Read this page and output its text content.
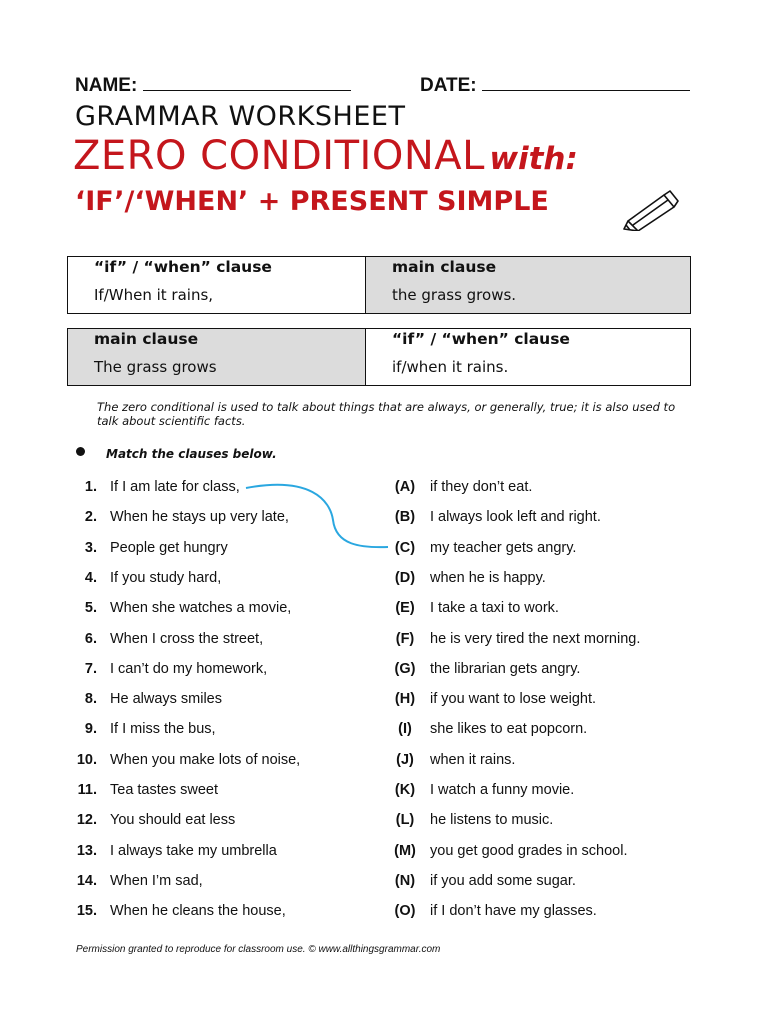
NAME:	DATE:
GRAMMAR WORKSHEET
ZERO CONDITIONAL with:
‘IF’/‘WHEN’ + PRESENT SIMPLE
“if” / “when” clause	main clause
If/When it rains,	the grass grows.
main clause	“if” / “when” clause
The grass grows	if/when it rains.
The zero conditional is used to talk about things that are always, or generally, true; it is also used to talk about scientific facts.
Match the clauses below.
1. If I am late for class,	(A) if they don’t eat.
2. When he stays up very late,	(B) I always look left and right.
3. People get hungry	(C) my teacher gets angry.
4. If you study hard,	(D) when he is happy.
5. When she watches a movie,	(E) I take a taxi to work.
6. When I cross the street,	(F) he is very tired the next morning.
7. I can’t do my homework,	(G) the librarian gets angry.
8. He always smiles	(H) if you want to lose weight.
9. If I miss the bus,	(I)	she likes to eat popcorn.
10. When you make lots of noise,	(J) when it rains.
11. Tea tastes sweet	(K) I watch a funny movie.
12. You should eat less	(L) he listens to music.
13. I always take my umbrella	(M) you get good grades in school.
14. When I’m sad,	(N) if you add some sugar.
15. When he cleans the house,	(O) if I don’t have my glasses.
Permission granted to reproduce for classroom use. © www.allthingsgrammar.com
